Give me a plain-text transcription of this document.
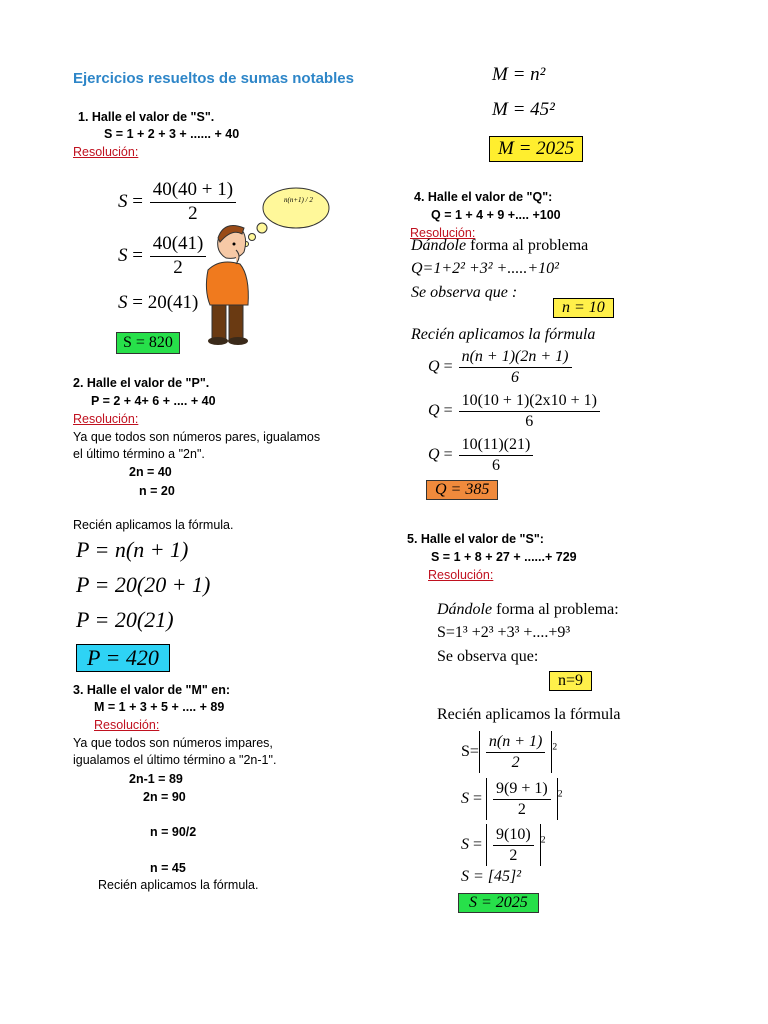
Ejercicios resueltos de sumas notables
1. Halle el valor de "S".
S = 1 + 2 + 3 + ...... + 40
Resolución:
$S = \frac{40(40 + 1)}{2}$
$S = \frac{40(41)}{2}$
S = 20(41)
S = 820
n(n+1) / 2
2. Halle el valor de "P".
P = 2 + 4+ 6 + .... + 40
Resolución:
Ya que todos son números pares, igualamos
el último término a "2n".
2n = 40
n = 20
Recién aplicamos la fórmula.
P = n(n + 1)
P = 20(20 + 1)
P = 20(21)
P = 420
3. Halle el valor de "M" en:
M = 1 + 3 + 5 + .... + 89
Resolución:
Ya que todos son números impares,
igualamos el último término a "2n-1".
2n-1 = 89
2n = 90
n = 90/2
n = 45
Recién aplicamos la fórmula.
M = n²
M = 45²
M = 2025
4. Halle el valor de "Q":
Q = 1 + 4 + 9 +.... +100
Resolución:
Dándole forma al problema
Q=1+2² +3² +.....+10²
Se observa que :
n = 10
Recién aplicamos la fórmula
$Q = \frac{n(n + 1)(2n + 1)}{6}$
$Q = \frac{10(10 + 1)(2x10 + 1)}{6}$
$Q = \frac{10(11)(21)}{6}$
Q = 385
5. Halle el valor de "S":
S = 1 + 8 + 27 + ......+ 729
Resolución:
Dándole forma al problema:
S=1³ +2³ +3³ +....+9³
Se observa que:
n=9
Recién aplicamos la fórmula
$S= \frac{n(n + 1)}{2} ^2$
$S = \frac{9(9 + 1)}{2} ^2$
$S = \frac{9(10)}{2} ^2$
S = [45]²
S = 2025
